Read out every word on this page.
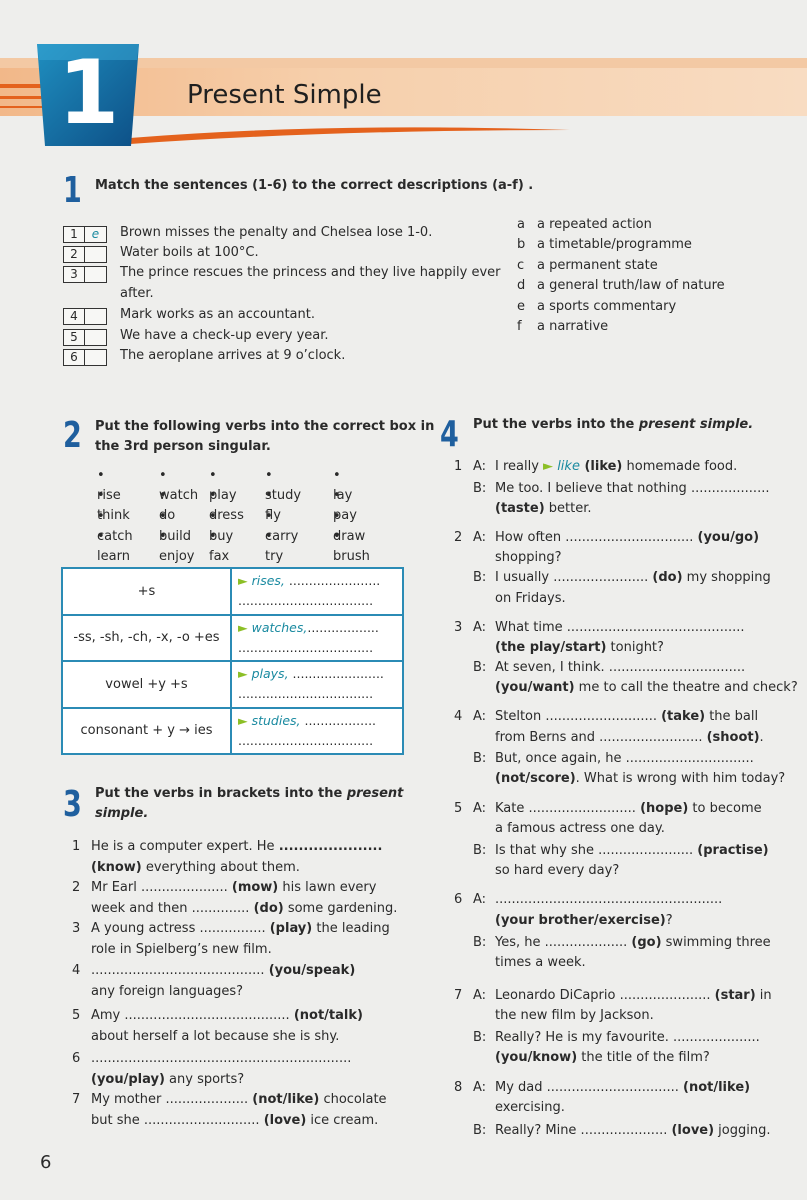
1	Present Simple
1 Match the sentences (1-6) to the correct descriptions (a-f) .
1	e	Brown misses the penalty and Chelsea lose 1-0.
2	Water boils at 100°C.
3	The prince rescues the princess and they live happily ever
after.
4	Mark works as an accountant.
5	We have a check-up every year.
6	The aeroplane arrives at 9 o’clock.
a a repeated action
b a timetable/programme
c a permanent state
d a general truth/law of nature
e a sports commentary
f a narrative
2 Put the following verbs into the correct box in
the 3rd person singular.
• rise	• watch • play • study • lay
• think • do	• dress • fly	• pay
• catch • build • buy • carry	• draw
• learn • enjoy • fax	• try	• brush
+s	► rises, .......................
..................................

-ss, -sh, -ch, -x, -o +es	► watches,..................
..................................

vowel +y +s	► plays, .......................
..................................

consonant + y → ies	► studies, ..................
..................................
3 Put the verbs in brackets into the present
simple.
1 He is a computer expert. He .....................
(know) everything about them.
2 Mr Earl ..................... (mow) his lawn every
week and then .............. (do) some gardening.
3 A young actress ................ (play) the leading
role in Spielberg’s new film.
4 .......................................... (you/speak)
any foreign languages?
5 Amy ........................................ (not/talk)
about herself a lot because she is shy.
6 ...............................................................
(you/play) any sports?
7 My mother .................... (not/like) chocolate
but she ............................ (love) ice cream.
4 Put the verbs into the present simple.
1 A: I really ► like (like) homemade food.
B: Me too. I believe that nothing ...................
(taste) better.
2 A: How often ............................... (you/go)
shopping?
B: I usually ....................... (do) my shopping
on Fridays.
3 A: What time ...........................................
(the play/start) tonight?
B: At seven, I think. .................................
(you/want) me to call the theatre and check?
4 A: Stelton ........................... (take) the ball
from Berns and ......................... (shoot).
B: But, once again, he ...............................
(not/score). What is wrong with him today?
5 A: Kate .......................... (hope) to become
a famous actress one day.
B: Is that why she ....................... (practise)
so hard every day?
6 A: .......................................................
(your brother/exercise)?
B: Yes, he .................... (go) swimming three
times a week.
7 A: Leonardo DiCaprio ...................... (star) in
the new film by Jackson.
B: Really? He is my favourite. .....................
(you/know) the title of the film?
8 A: My dad ................................ (not/like)
exercising.
B: Really? Mine ..................... (love) jogging.
6
